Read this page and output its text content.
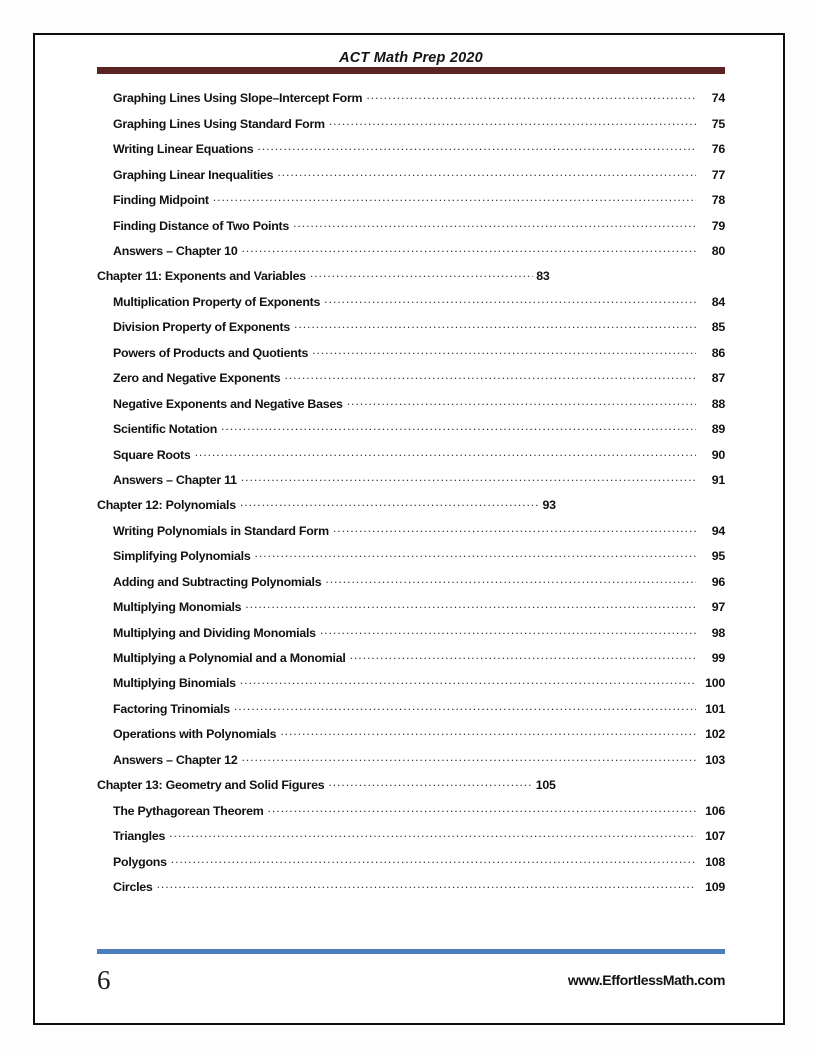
ACT Math Prep 2020
Graphing Lines Using Slope–Intercept Form .....	74
Graphing Lines Using Standard Form .....	75
Writing Linear Equations .....	76
Graphing Linear Inequalities .....	77
Finding Midpoint .....	78
Finding Distance of Two Points .....	79
Answers – Chapter 10 .....	80
Chapter 11: Exponents and Variables .....	83
Multiplication Property of Exponents .....	84
Division Property of Exponents .....	85
Powers of Products and Quotients .....	86
Zero and Negative Exponents .....	87
Negative Exponents and Negative Bases .....	88
Scientific Notation .....	89
Square Roots .....	90
Answers – Chapter 11 .....	91
Chapter 12: Polynomials .....	93
Writing Polynomials in Standard Form .....	94
Simplifying Polynomials .....	95
Adding and Subtracting Polynomials .....	96
Multiplying Monomials .....	97
Multiplying and Dividing Monomials .....	98
Multiplying a Polynomial and a Monomial .....	99
Multiplying Binomials .....	100
Factoring Trinomials .....	101
Operations with Polynomials .....	102
Answers – Chapter 12 .....	103
Chapter 13: Geometry and Solid Figures .....	105
The Pythagorean Theorem .....	106
Triangles .....	107
Polygons .....	108
Circles .....	109
6	www.EffortlessMath.com
